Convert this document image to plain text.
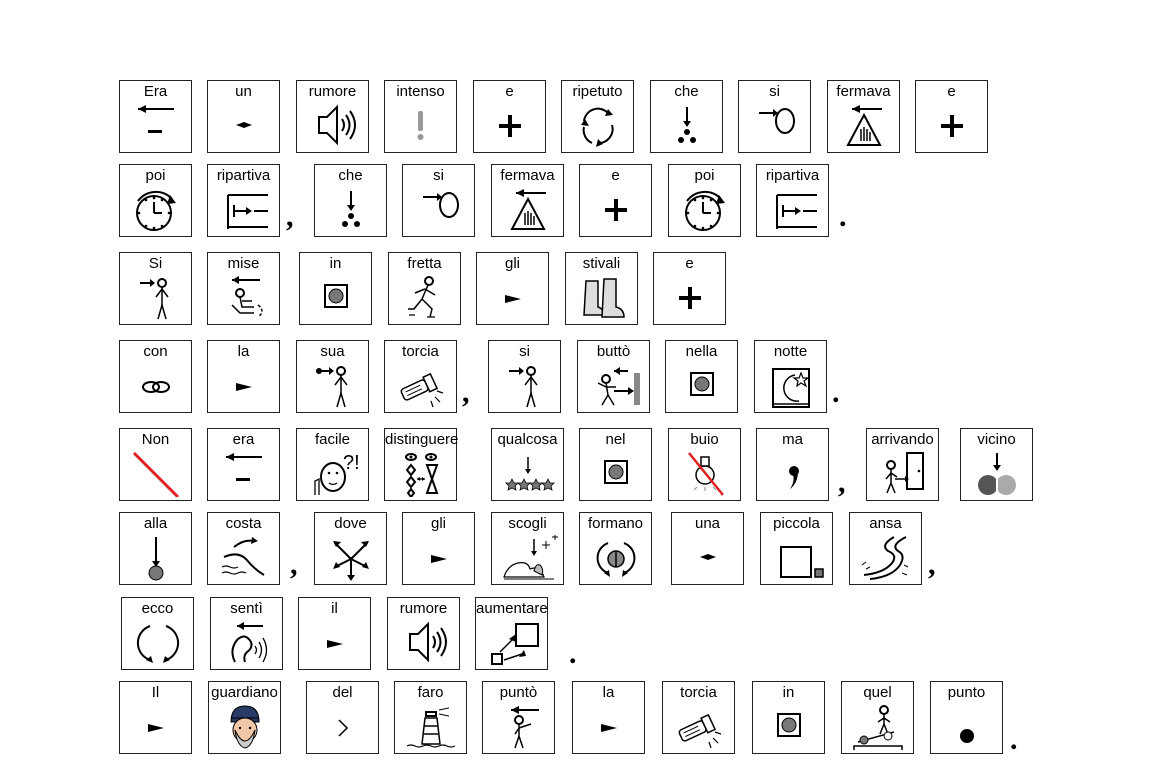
Era	un	rumore	intenso	e	ripetuto	che	si	fermava	e
poi	ripartiva	che	si	fermava	e	poi	ripartiva
,	.
Si	mise	in	fretta	gli	stivali	e
con	la	sua	torcia	si	buttò	nella	notte
,	.
Non	era	facile
?!
distinguere	qualcosa	nel	buio	ma	arrivando	vicino
,
alla	costa	dove	gli	scogli	formano	una	piccola	ansa
,	,
ecco	sentì	il	rumore	aumentare
.
Il	guardiano	del	faro	puntò	la	torcia	in	quel	punto
.
